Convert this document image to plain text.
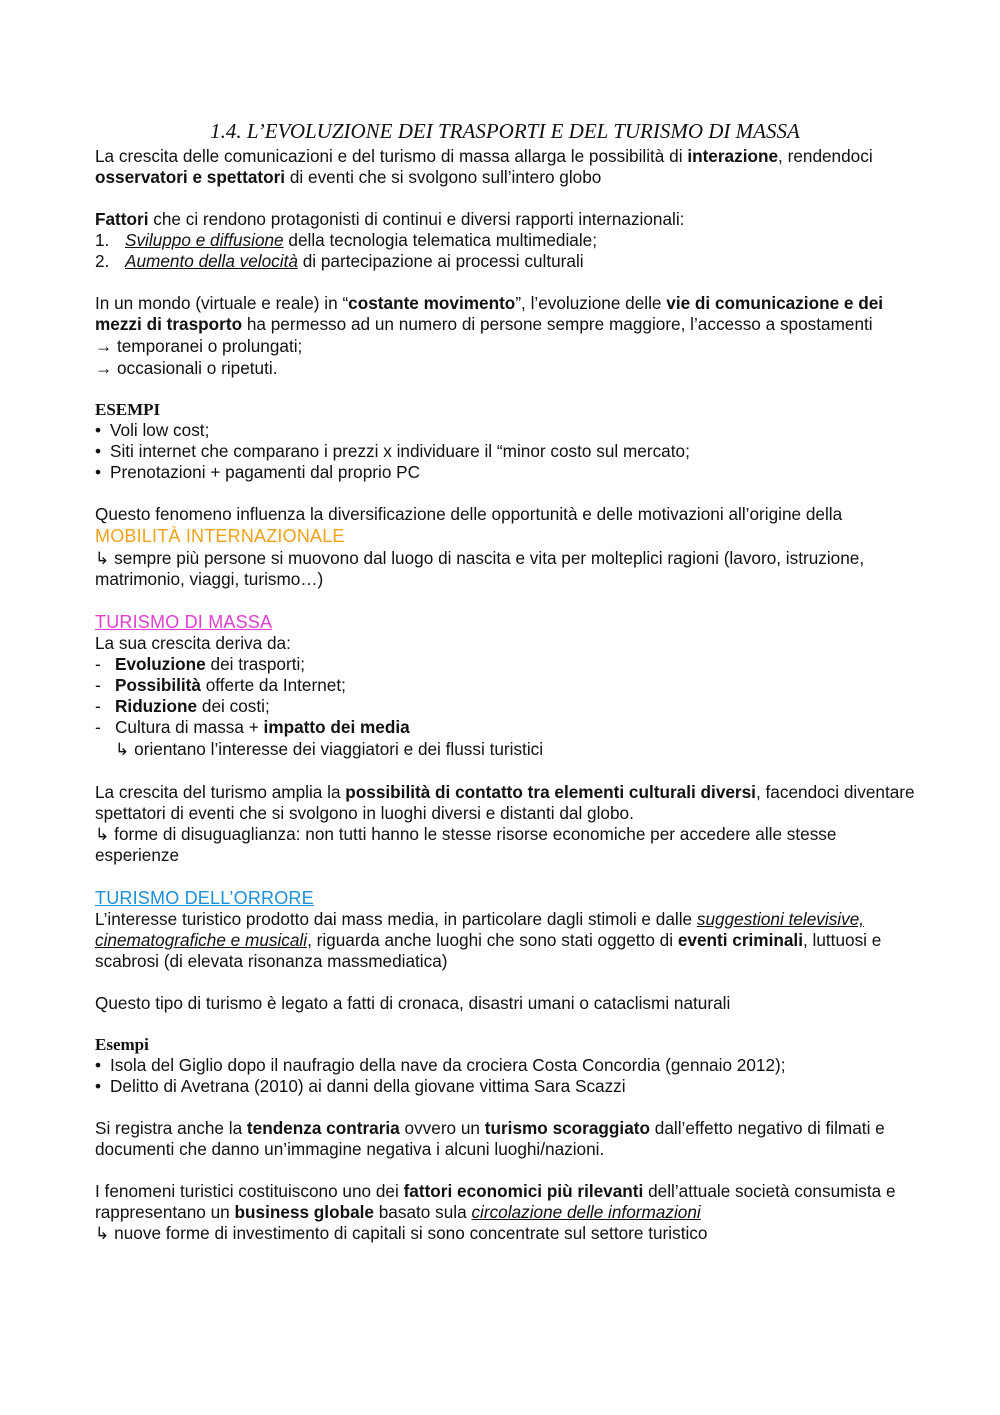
1.4. L’EVOLUZIONE DEI TRASPORTI E DEL TURISMO DI MASSA

La crescita delle comunicazioni e del turismo di massa allarga le possibilità di interazione, rendendoci osservatori e spettatori di eventi che si svolgono sull’intero globo

Fattori che ci rendono protagonisti di continui e diversi rapporti internazionali:

1. Sviluppo e diffusione della tecnologia telematica multimediale;
2. Aumento della velocità di partecipazione ai processi culturali

In un mondo (virtuale e reale) in “costante movimento”, l’evoluzione delle vie di comunicazione e dei mezzi di trasporto ha permesso ad un numero di persone sempre maggiore, l’accesso a spostamenti

→ temporanei o prolungati;

→ occasionali o ripetuti.

ESEMPI

• Voli low cost;
• Siti internet che comparano i prezzi x individuare il “minor costo sul mercato;
• Prenotazioni + pagamenti dal proprio PC

Questo fenomeno influenza la diversificazione delle opportunità e delle motivazioni all’origine della

MOBILITÀ INTERNAZIONALE

↳ sempre più persone si muovono dal luogo di nascita e vita per molteplici ragioni (lavoro, istruzione, matrimonio, viaggi, turismo…)

TURISMO DI MASSA

La sua crescita deriva da:

- Evoluzione dei trasporti;
- Possibilità offerte da Internet;
- Riduzione dei costi;
- Cultura di massa + impatto dei media

↳ orientano l’interesse dei viaggiatori e dei flussi turistici

La crescita del turismo amplia la possibilità di contatto tra elementi culturali diversi, facendoci diventare spettatori di eventi che si svolgono in luoghi diversi e distanti dal globo.

↳ forme di disuguaglianza: non tutti hanno le stesse risorse economiche per accedere alle stesse esperienze

TURISMO DELL’ORRORE

L’interesse turistico prodotto dai mass media, in particolare dagli stimoli e dalle suggestioni televisive, cinematografiche e musicali, riguarda anche luoghi che sono stati oggetto di eventi criminali, luttuosi e scabrosi (di elevata risonanza massmediatica)

Questo tipo di turismo è legato a fatti di cronaca, disastri umani o cataclismi naturali

Esempi

• Isola del Giglio dopo il naufragio della nave da crociera Costa Concordia (gennaio 2012);
• Delitto di Avetrana (2010) ai danni della giovane vittima Sara Scazzi

Si registra anche la tendenza contraria ovvero un turismo scoraggiato dall’effetto negativo di filmati e documenti che danno un’immagine negativa i alcuni luoghi/nazioni.

I fenomeni turistici costituiscono uno dei fattori economici più rilevanti dell’attuale società consumista e rappresentano un business globale basato sula circolazione delle informazioni

↳ nuove forme di investimento di capitali si sono concentrate sul settore turistico
